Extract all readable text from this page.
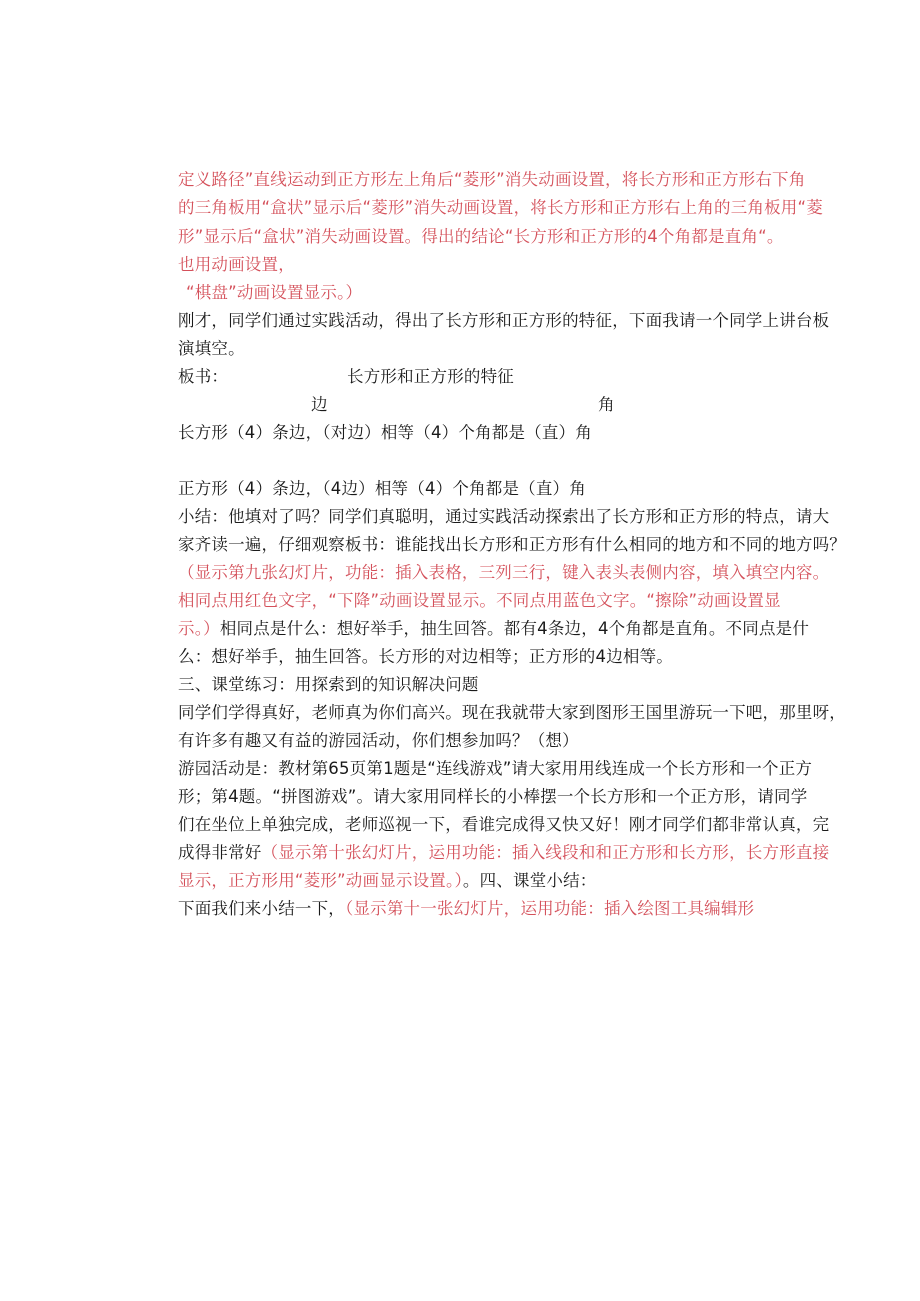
定义路径”直线运动到正方形左上角后“菱形”消失动画设置，将长方形和正方形右下角
的三角板用“盒状”显示后“菱形”消失动画设置，将长方形和正方形右上角的三角板用“菱
形”显示后“盒状”消失动画设置。得出的结论“长方形和正方形的4个角都是直角“。
也用动画设置，
“棋盘”动画设置显示。）
刚才，同学们通过实践活动，得出了长方形和正方形的特征，下面我请一个同学上讲台板
演填空。
板书：	长方形和正方形的特征
边	角
长方形（4）条边，（对边）相等（4）个角都是（直）角
正方形（4）条边，（4边）相等（4）个角都是（直）角
小结：他填对了吗？同学们真聪明，通过实践活动探索出了长方形和正方形的特点，请大
家齐读一遍，仔细观察板书：谁能找出长方形和正方形有什么相同的地方和不同的地方吗？
（显示第九张幻灯片，功能：插入表格，三列三行，键入表头表侧内容，填入填空内容。
相同点用红色文字，“下降”动画设置显示。不同点用蓝色文字。“擦除”动画设置显
示。）相同点是什么：想好举手，抽生回答。都有4条边，4个角都是直角。不同点是什
么：想好举手，抽生回答。长方形的对边相等；正方形的4边相等。
三、课堂练习：用探索到的知识解决问题
同学们学得真好，老师真为你们高兴。现在我就带大家到图形王国里游玩一下吧，那里呀，
有许多有趣又有益的游园活动，你们想参加吗？（想）
游园活动是：教材第65页第1题是“连线游戏”请大家用用线连成一个长方形和一个正方
形；第4题。“拼图游戏”。请大家用同样长的小棒摆一个长方形和一个正方形，请同学
们在坐位上单独完成，老师巡视一下，看谁完成得又快又好！刚才同学们都非常认真，完
成得非常好（显示第十张幻灯片，运用功能：插入线段和和正方形和长方形，长方形直接
显示，正方形用“菱形”动画显示设置。）。四、课堂小结：
下面我们来小结一下，（显示第十一张幻灯片，运用功能：插入绘图工具编辑形
